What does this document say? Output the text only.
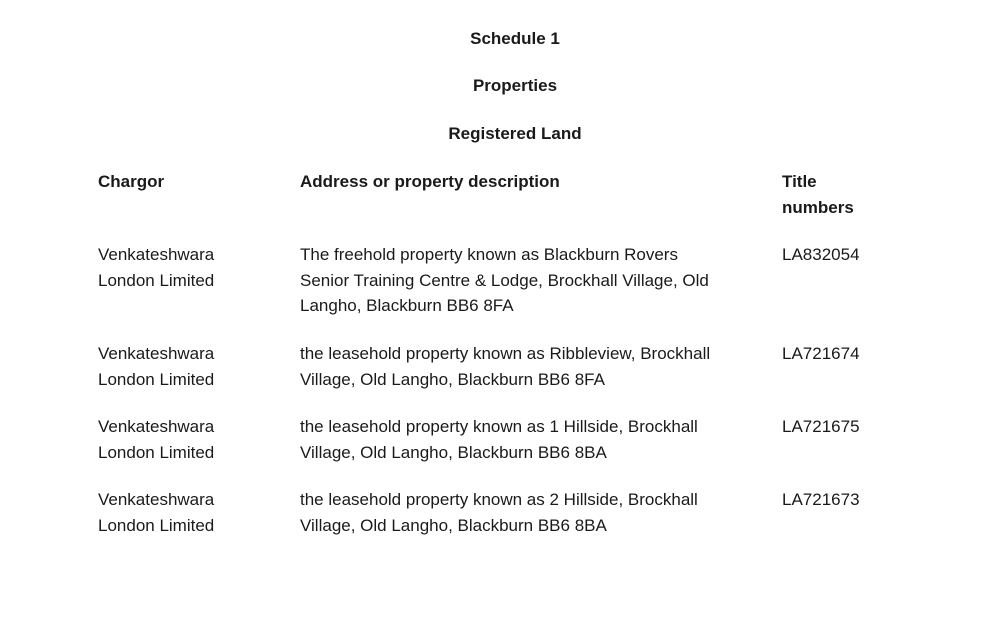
Schedule 1
Properties
Registered Land

Chargor	Address or property description	Title

numbers

Venkateshwara

London Limited

The freehold property known as Blackburn Rovers

Senior Training Centre & Lodge, Brockhall Village, Old

Langho, Blackburn BB6 8FA

LA832054

Venkateshwara

London Limited

the leasehold property known as Ribbleview, Brockhall

Village, Old Langho, Blackburn BB6 8FA

LA721674

Venkateshwara

London Limited

the leasehold property known as 1 Hillside, Brockhall

Village, Old Langho, Blackburn BB6 8BA

LA721675

Venkateshwara

London Limited

the leasehold property known as 2 Hillside, Brockhall

Village, Old Langho, Blackburn BB6 8BA

LA721673
